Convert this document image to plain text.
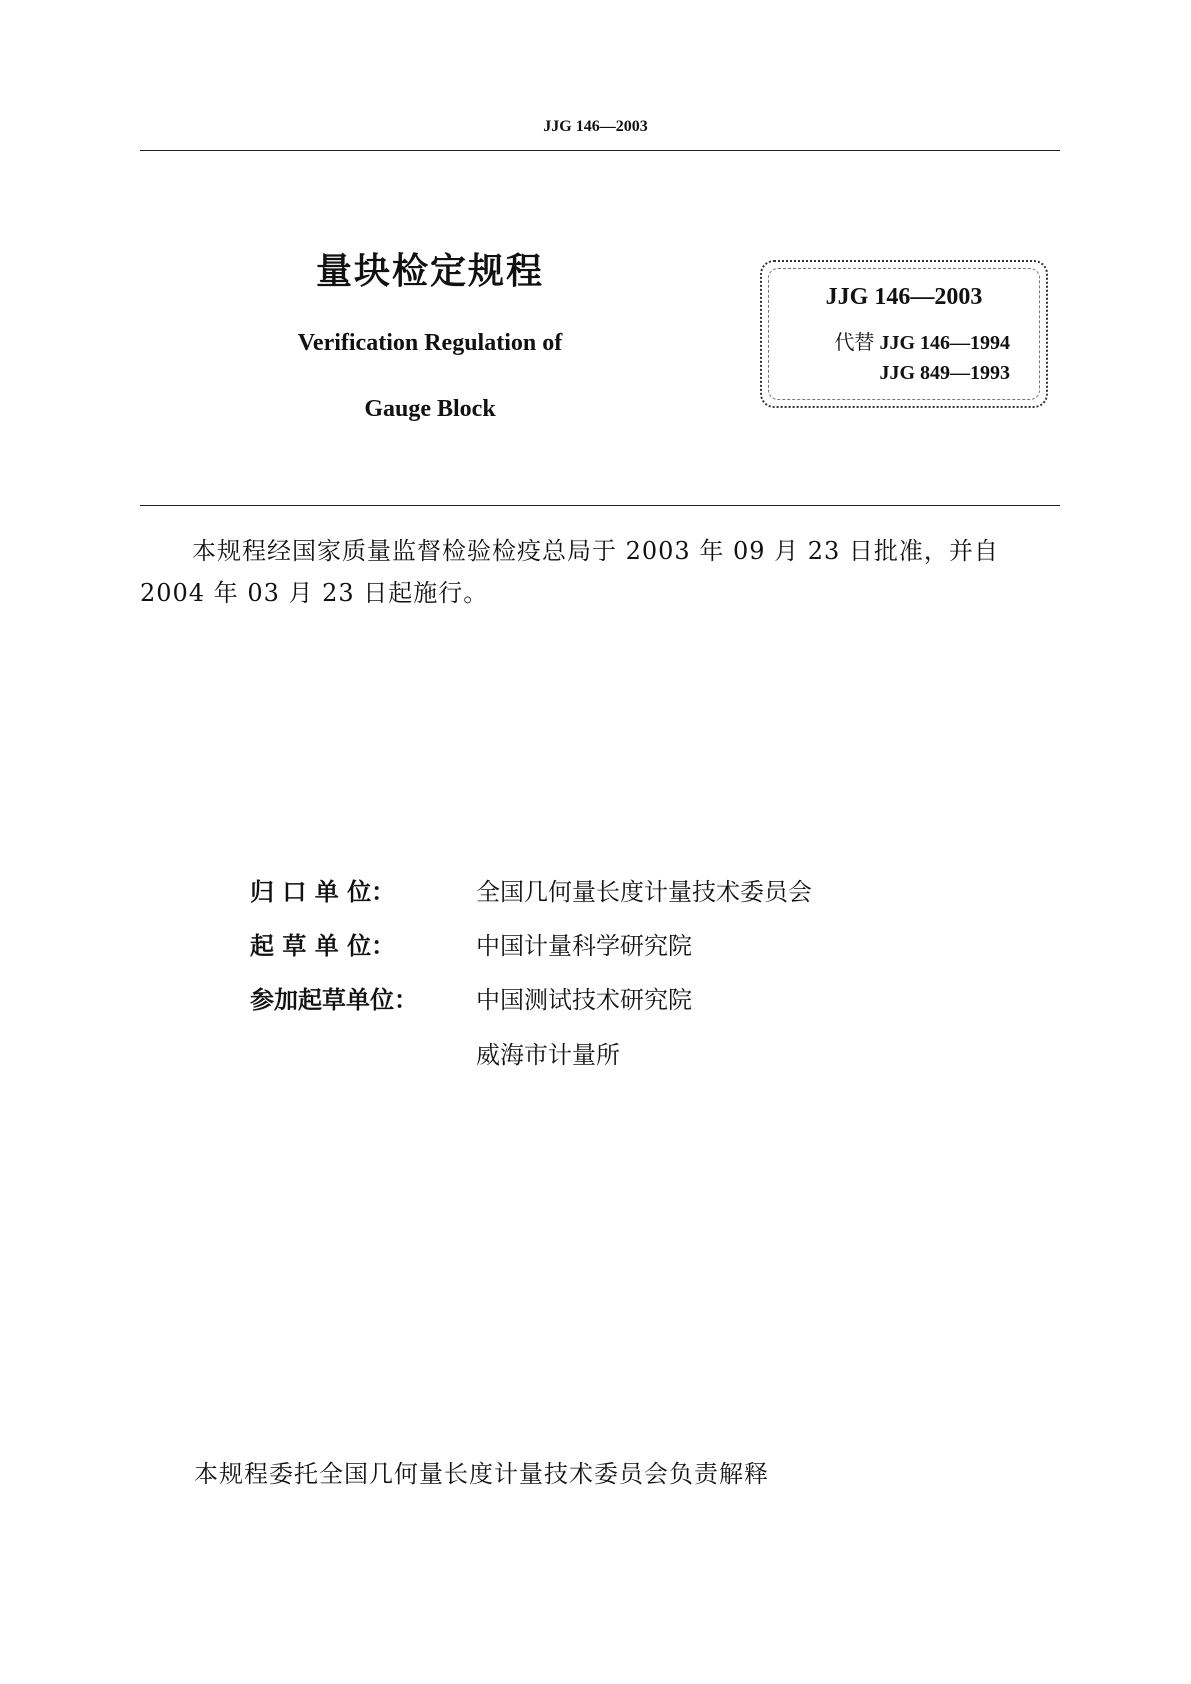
JJG 146—2003
量块检定规程
Verification Regulation of
Gauge Block
JJG 146—2003
代替 JJG 146—1994
JJG 849—1993
本规程经国家质量监督检验检疫总局于 2003 年 09 月 23 日批准，并自
2004 年 03 月 23 日起施行。
归 口 单 位：	全国几何量长度计量技术委员会
起 草 单 位：	中国计量科学研究院
参加起草单位：	中国测试技术研究院
威海市计量所
本规程委托全国几何量长度计量技术委员会负责解释
